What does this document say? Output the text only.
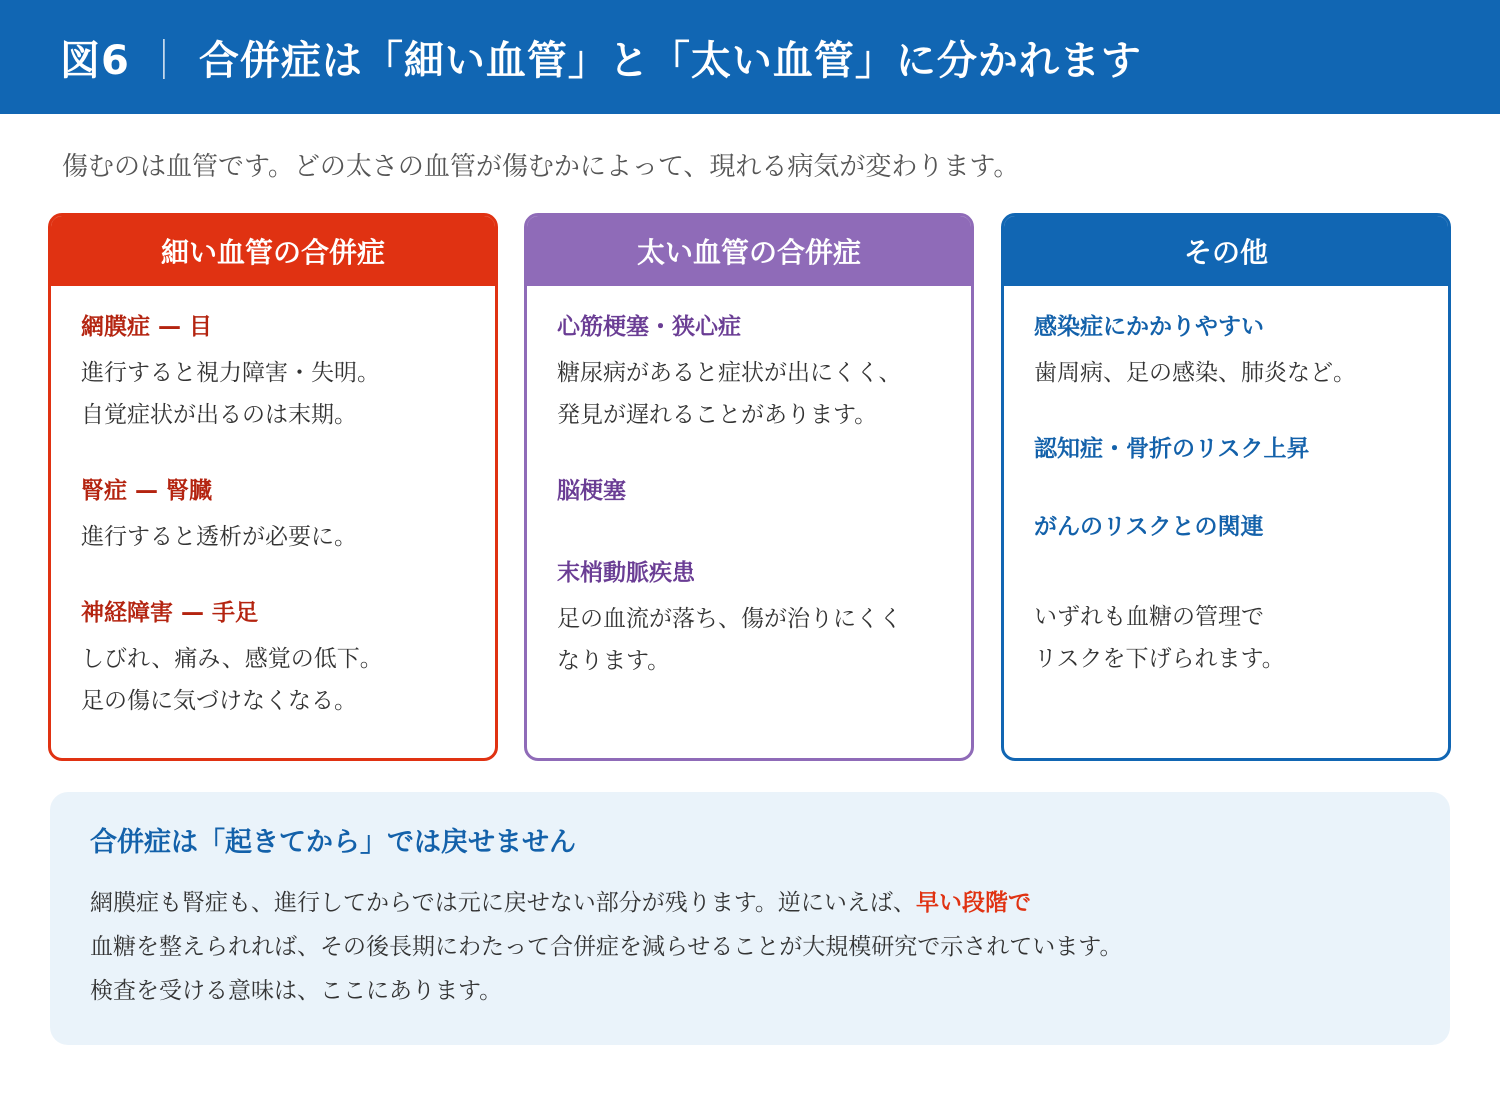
図6 ｜ 合併症は「細い血管」と「太い血管」に分かれます
傷むのは血管です。どの太さの血管が傷むかによって、現れる病気が変わります。
細い血管の合併症
網膜症 — 目
進行すると視力障害・失明。
自覚症状が出るのは末期。
腎症 — 腎臓
進行すると透析が必要に。
神経障害 — 手足
しびれ、痛み、感覚の低下。
足の傷に気づけなくなる。
太い血管の合併症
心筋梗塞・狭心症
糖尿病があると症状が出にくく、
発見が遅れることがあります。
脳梗塞
末梢動脈疾患
足の血流が落ち、傷が治りにくく
なります。
その他
感染症にかかりやすい
歯周病、足の感染、肺炎など。
認知症・骨折のリスク上昇
がんのリスクとの関連
いずれも血糖の管理で
リスクを下げられます。
合併症は「起きてから」では戻せません
網膜症も腎症も、進行してからでは元に戻せない部分が残ります。逆にいえば、早い段階で
血糖を整えられれば、その後長期にわたって合併症を減らせることが大規模研究で示されています。
検査を受ける意味は、ここにあります。
